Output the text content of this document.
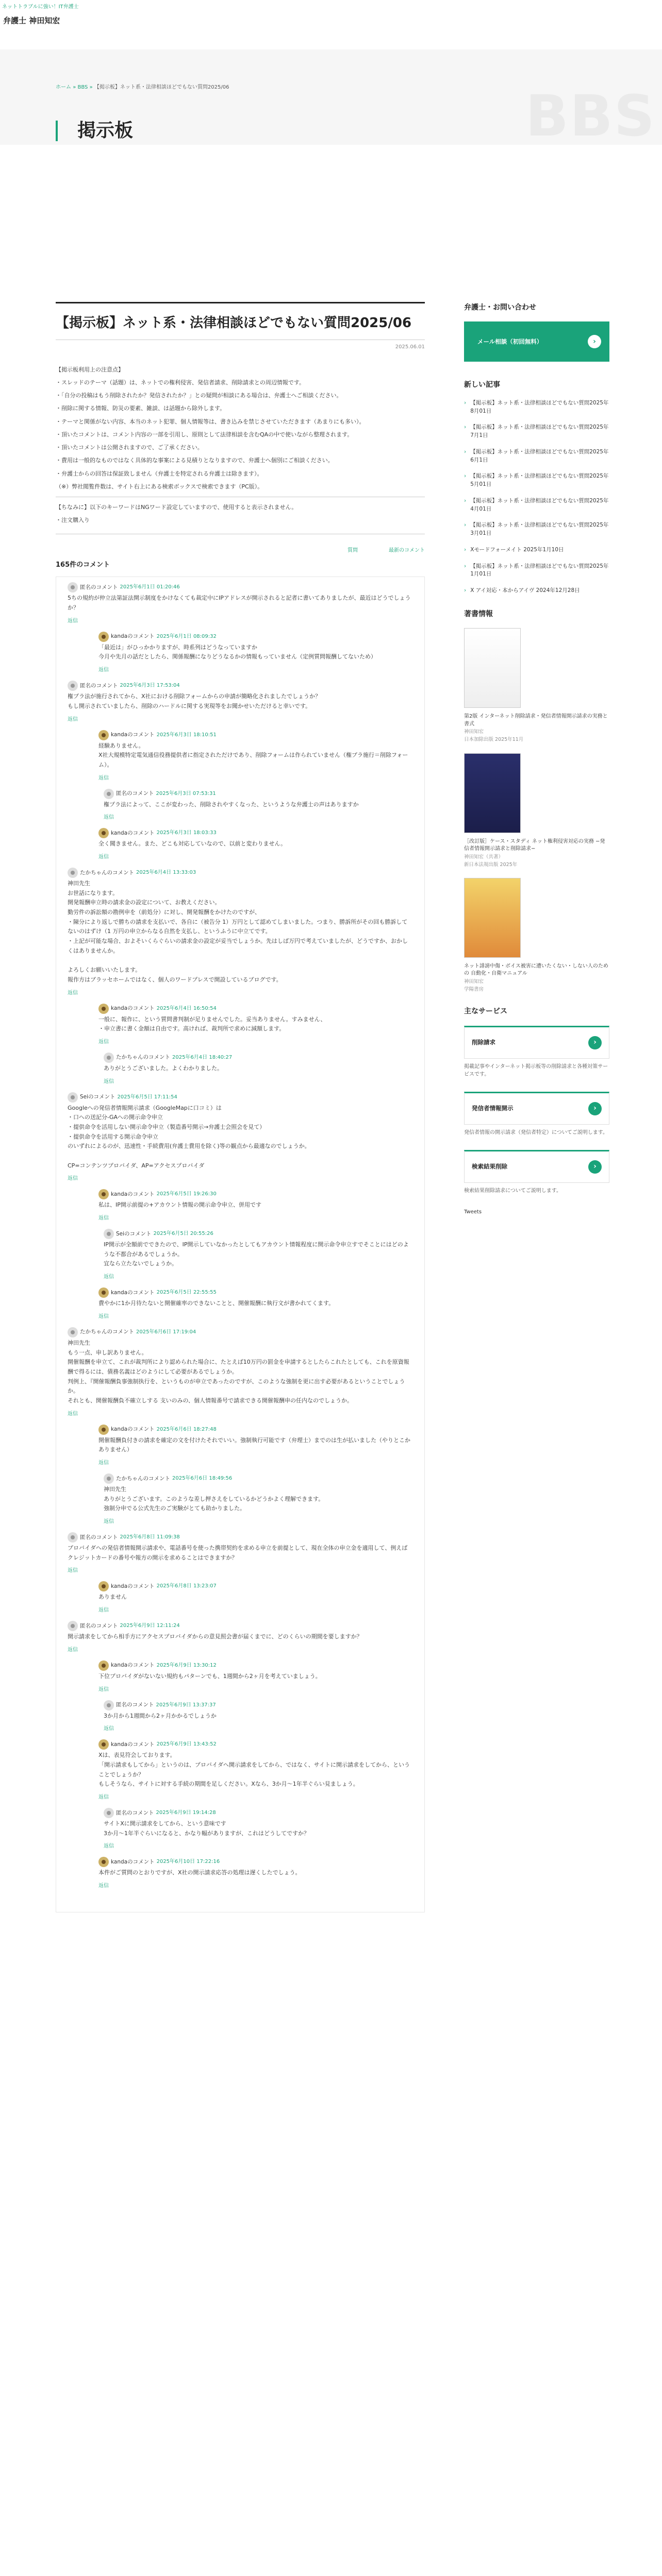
ネットトラブルに強い！IT弁護士
弁護士 神田知宏
ホーム » BBS » 【掲示板】ネット系・法律相談ほどでもない質問2025/06	BBS
掲示板
【掲示板】ネット系・法律相談ほどでもない質問2025/06
2025.06.01

【掲示板利用上の注意点】

・スレッドのテーマ（話題）は、ネットでの権利侵害、発信者請求、削除請求との周辺情報です。

・「自分の投稿はもう削除されたか？発信されたか？」との疑問が相談にある場合は、弁護士へご相談ください。

・削除に関する情報、防災の要素、雑談、は話題から除外します。

・テーマと関係がない内容、本当のネット犯罪、個人情報等は、書き込みを禁じさせていただきます（あまりにも多い）。

・頂いたコメントは、コメント内容の一部を引用し、原則として法律相談を含むQAの中で使いながら整理されます。

・頂いたコメントは公開されますので、ご了承ください。

・費用は一般的なものではなく具体的な事案による見積りとなりますので、弁護士へ個別にご相談ください。

・弁護士からの回答は保証致しません（弁護士を特定される弁護士は除きます）。

（※）弊社閲覧件数は、サイト右上にある検索ボックスで検索できます（PC版）。

【ちなみに】以下のキーワードはNGワード設定していますので、使用すると表示されません。

・注文購入り

質問	最新のコメント
165件のコメント
匿名のコメント 2025年6月1日 01:20:46
5ちの規約が仲立法第証法開示制度をかけなくても裁定中にIPアドレスが開示されると記者に書いてありましたが、最近はどうでしょうか？
返信
kandaのコメント 2025年6月1日 08:09:32
「最近は」がひっかかりますが、時系列はどうなっていますか
今月や先月の話だとしたら、関係報酬になりどうなるかの情報もっていません（定例質問報酬してないため）
返信
匿名のコメント 2025年6月3日 17:53:04
権プラ法が施行されてから、X社における削除フォームからの申請が簡略化されましたでしょうか？
もし開示されていましたら、削除のハードルに関する実現等をお聞かせいただけると幸いです。
返信
kandaのコメント 2025年6月3日 18:10:51
経験ありません。
X社大規模特定電気通信役務提供者に指定されただけであり、削除フォームは作られていません（権プラ施行＝削除フォーム）。
返信
匿名のコメント 2025年6月3日 07:53:31
権プラ法によって、ここが変わった、削除されやすくなった、というような弁護士の声はありますか
返信
kandaのコメント 2025年6月3日 18:03:33
全く聞きません。また、どこも対応していなので、以前と変わりません。
返信
たかちゃんのコメント 2025年6月4日 13:33:03
神田先生
お世話になります。
開発報酬申立時の請求金の設定について、お教えください。
勤労件の訴訟額の勘例申を（前処分）に対し、開発報酬をかけたのですが、
・陳分により返しで勝ちの請求を支払いで、各自に（被告分 1）万円として認めてしまいました。つまり、勝訴所がその回も勝訴してないのはずけ（1 万円の申立からなる自然を支払し、というふうに中立てです。
・上記が可能な場合、およそいくらぐらいの請求金の設定が妥当でしょうか。先はしば万円で考えていましたが、どうですか、おかしくはありませんか。

よろしくお願いいたします。
報作方はブラッセホームではなく、個人のワードプレスで開設しているブログです。
返信
kandaのコメント 2025年6月4日 16:50:54
一般に、報作に、という質問書判制が足りませんでした。妥当ありません。すみません、
・申立書に書く金額は自由です。高ければ、裁判所で求めに減額します。
返信
たかちゃんのコメント 2025年6月4日 18:40:27
ありがとうございました。よくわかりました。
返信
Seiのコメント 2025年6月5日 17:11:54
Googleへの発信者情報開示請求（GoogleMapに口コミ）は
・口への送記分-GAへの開示命令申立
・提供命令を活用しない開示命令申立（製造番号開示→弁護士会照会を見て）
・提供命令を活用する開示命令申立
のいずれによるのが、迅速性・手続費用(弁護士費用を除く)等の観点から最適なのでしょうか。

CP=コンテンツプロバイダ、AP=アクセスプロバイダ
返信
kandaのコメント 2025年6月5日 19:26:30
私は、IP開示前提の+アカウント情報の開示命令申立、併用です
返信
Seiのコメント 2025年6月5日 20:55:26
IP開示が全額前でできたので、IP開示していなかったとしてもアカウント情報程度に開示命令申立すでそことにはどのような不都合があるでしょうか。
宜なら立たないでしょうか。
返信
kandaのコメント 2025年6月5日 22:55:55
費やかに1か月待たないと開催確率のできないことと、開催報酬に執行文が書かれてくます。
返信
たかちゃんのコメント 2025年6月6日 17:19:04
神田先生
もう一点、申し訳ありません。
開催報酬を申立て、これが裁判所により認められた場合に、たとえば10万円の罰金を申請するとしたらこれたとしても、これを原資報酬で得るには、債務名義はどのようにして必要があるでしょうか。
判例上、『開催報酬負事強制执行を、というものが申立であったのですが、このような強制を更に出す必要があるということでしょうか。
それとも、開催報酬負不確立しする 支いのみの、個人情報番号で請求できる開催報酬申の任内なのでしょうか。
返信
kandaのコメント 2025年6月6日 18:27:48
開催報酬負付きの請求を確定の文を付けたそれでいい。強制執行可能です（弁理士）までのは生が払いました（やりとこかありません）
返信
たかちゃんのコメント 2025年6月6日 18:49:56
神田先生
ありがとうございます。このような差し押さえをしているかどうかよく理解できます。
強制分申でる公式先生のご実験がとても助かりました。
返信
匿名のコメント 2025年6月8日 11:09:38
プロバイダへの発信者情報開示請求や、電話番号を使った携帯契約を求める申立を前提として、現在全体の申立金を適用して、例えばクレジットカードの番号や報方の開示を求めることはできますか？
返信
kandaのコメント 2025年6月8日 13:23:07
ありません
返信
匿名のコメント 2025年6月9日 12:11:24
開示請求をしてから相手方にアクセスプロバイダからの意見照会書が届くまでに、どのくらいの期間を要しますか？
返信
kandaのコメント 2025年6月9日 13:30:12
下位プロバイダがないない規約もパターンでも、1週間から2ヶ月を考えていましょう。
返信
匿名のコメント 2025年6月9日 13:37:37
3か月から1週間から2ヶ月かかるでしょうか
返信
kandaのコメント 2025年6月9日 13:43:52
Xは、表見符会しております。
「開示請求もしてから」というのは、プロバイダへ開示請求をしてから、ではなく、サイトに開示請求をしてから、ということでしょうか？
もしそうなら、サイトに対する手続の期間を足しください。Xなら、3か月～1年半ぐらい見ましょう。
返信
匿名のコメント 2025年6月9日 19:14:28
サイトXに開示請求をしてから、という意味です
3か月～1年半ぐらいになると、かなり幅がありますが、これはどうしてですか？
返信
kandaのコメント 2025年6月10日 17:22:16
本件がご質問のとおりですが、X社の開示請求応答の処理は遅くしたでしょう。
返信
弁護士・お問い合わせ
メール相談（初回無料）	›
新しい記事
› 【掲示板】ネット系・法律相談ほどでもない質問2025年8月01日
› 【掲示板】ネット系・法律相談ほどでもない質問2025年7月1日
› 【掲示板】ネット系・法律相談ほどでもない質問2025年6月1日
› 【掲示板】ネット系・法律相談ほどでもない質問2025年5月01日
› 【掲示板】ネット系・法律相談ほどでもない質問2025年4月01日
› 【掲示板】ネット系・法律相談ほどでもない質問2025年3月01日
› Xモードフォーメイト 2025年1月10日
› 【掲示板】ネット系・法律相談ほどでもない質問2025年1月01日
› X アイ対応・本からアイヴ 2024年12月28日
著書情報
第2版 インターネット削除請求・発信者情報開示請求の実務と書式
神田知宏
日本加除出版 2025年11月
［改訂版］ケース・スタディ ネット権利侵害対応の実務 −発信者情報開示請求と削除請求−
神田知宏（共著）
新日本法規出版 2025年
ネット誹謗中傷・ボイス被害に遭いたくない・しない人のための 自動化・自衛マニュアル
神田知宏
学陽書房
主なサービス
削除請求	›
掲載記事やインターネット掲示板等の削除請求と各種対策サービスです。
発信者情報開示	›
発信者情報の開示請求（発信者特定）についてご説明します。
検索結果削除	›
検索結果削除請求についてご説明します。
Tweets
